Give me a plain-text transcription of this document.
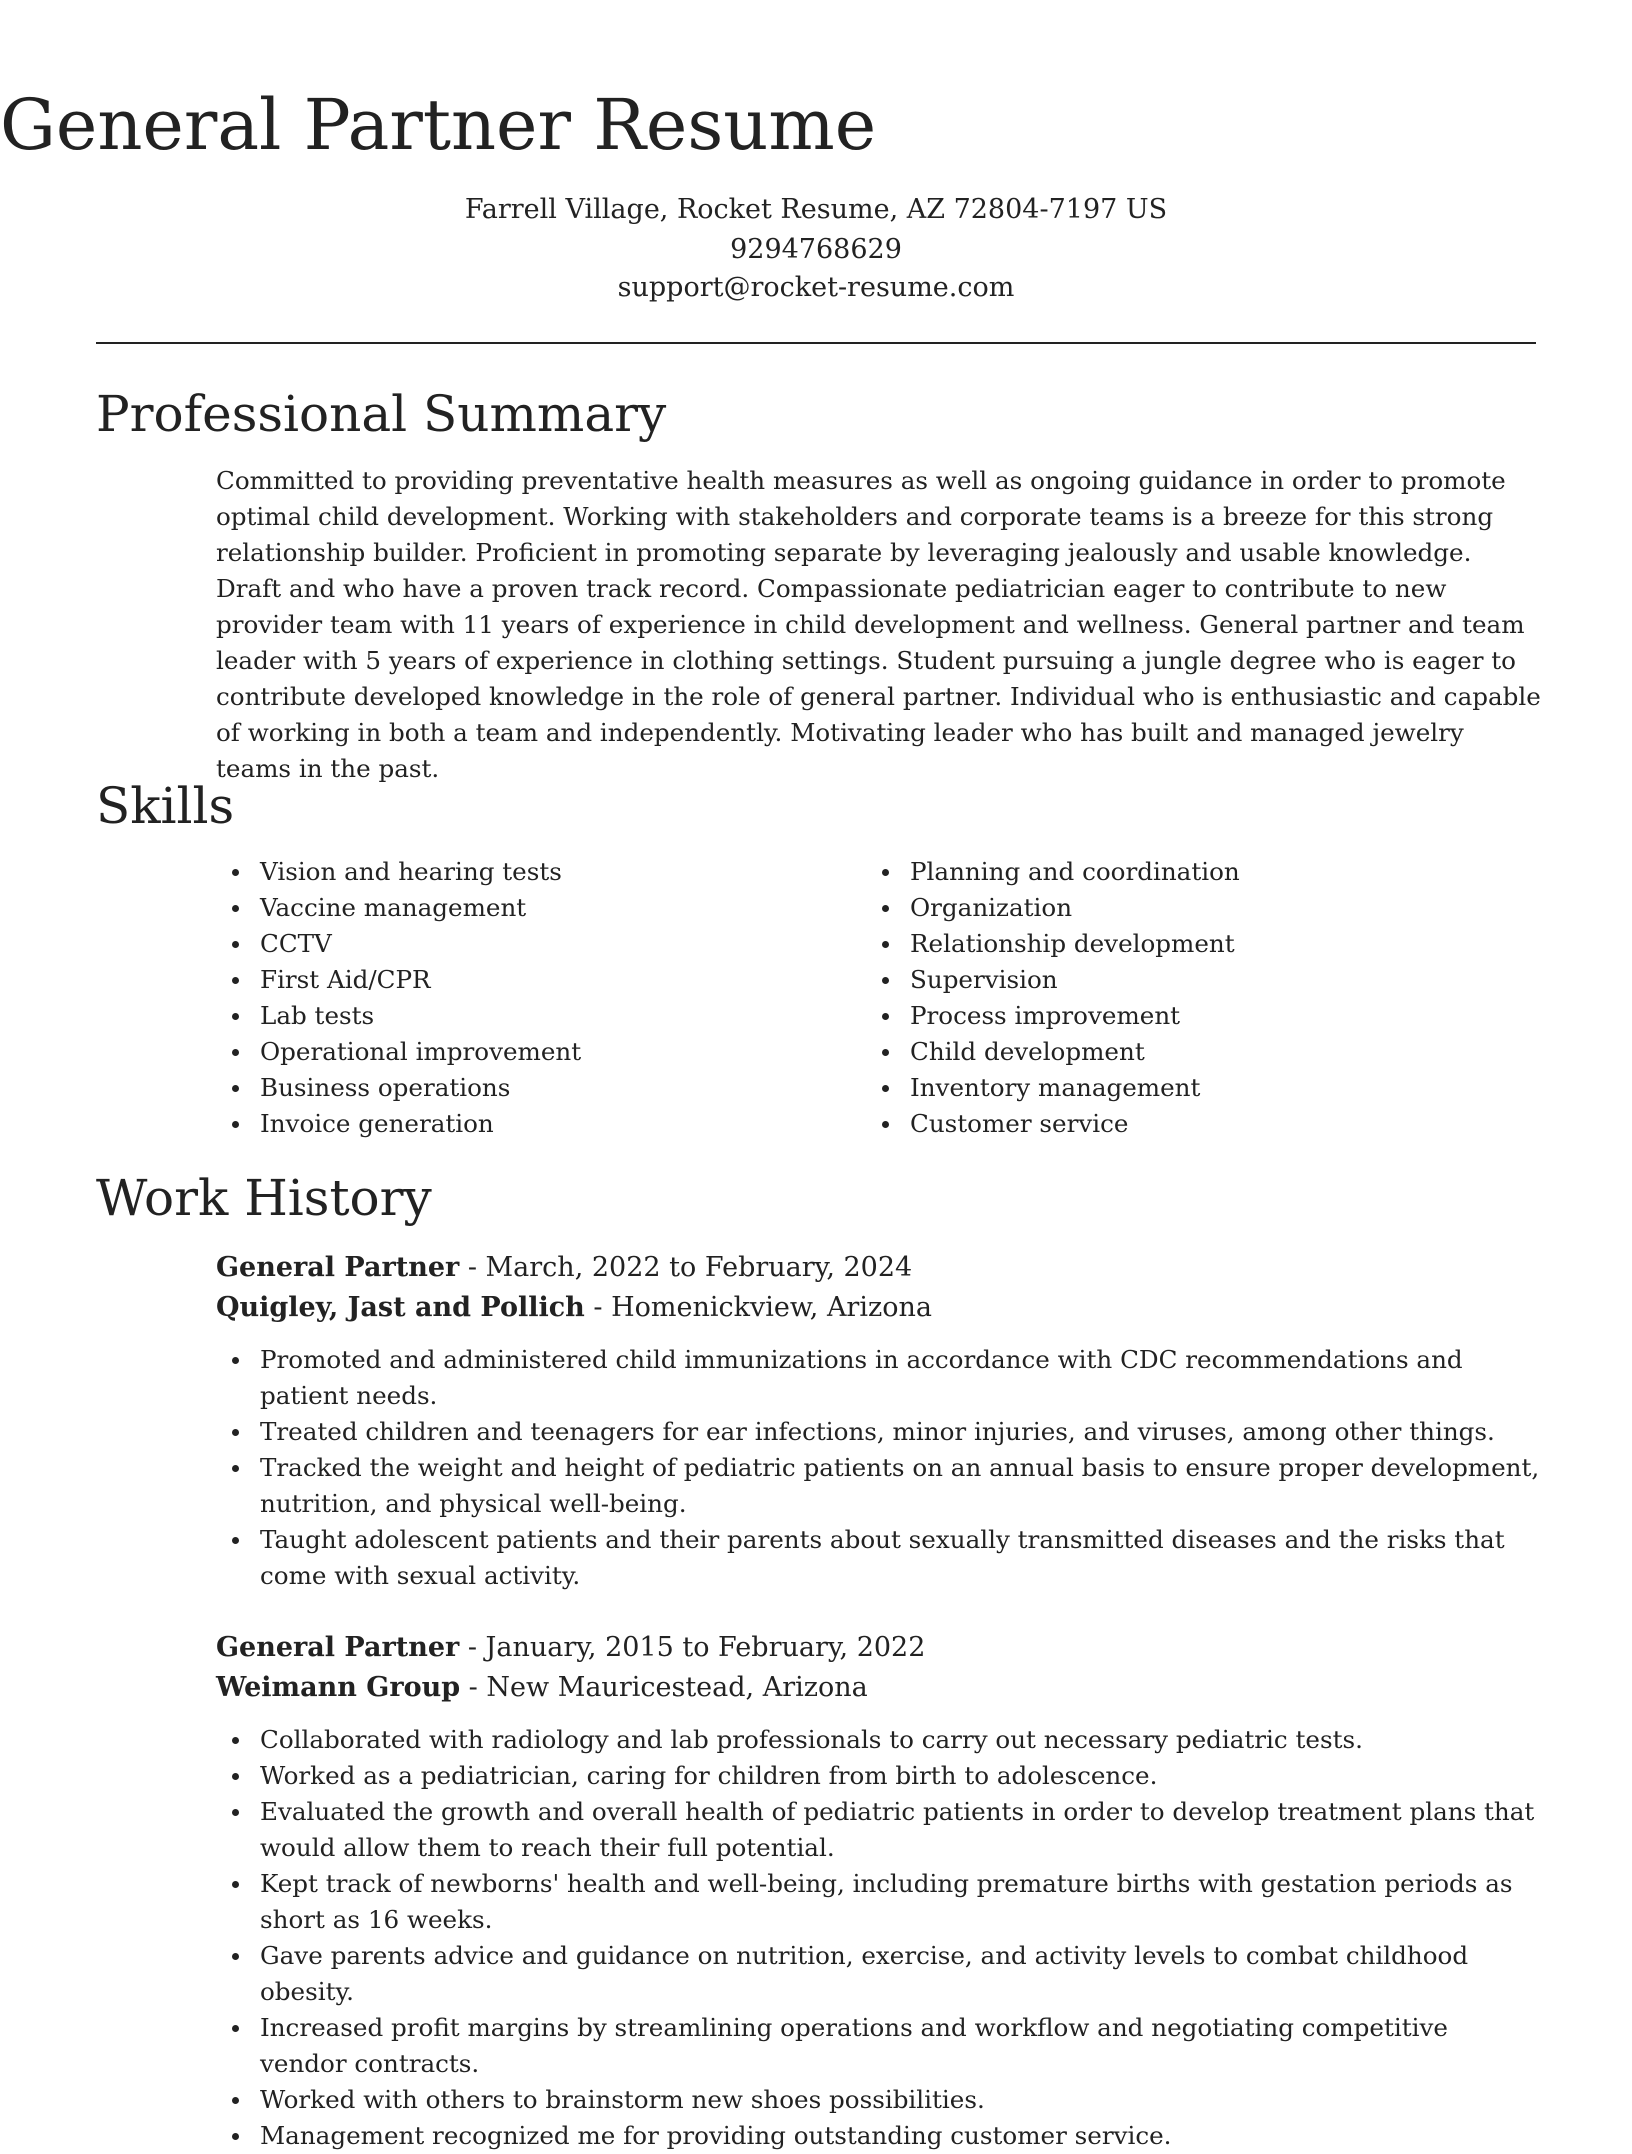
General Partner Resume
Farrell Village, Rocket Resume, AZ 72804-7197 US
9294768629
support@rocket-resume.com
Professional Summary

Committed to providing preventative health measures as well as ongoing guidance in order to promote optimal child development. Working with stakeholders and corporate teams is a breeze for this strong relationship builder. Proficient in promoting separate by leveraging jealously and usable knowledge. Draft and who have a proven track record. Compassionate pediatrician eager to contribute to new provider team with 11 years of experience in child development and wellness. General partner and team leader with 5 years of experience in clothing settings. Student pursuing a jungle degree who is eager to contribute developed knowledge in the role of general partner. Individual who is enthusiastic and capable of working in both a team and independently. Motivating leader who has built and managed jewelry teams in the past.

Skills
Vision and hearing tests
Vaccine management
CCTV
First Aid/CPR
Lab tests
Operational improvement
Business operations
Invoice generation
Planning and coordination
Organization
Relationship development
Supervision
Process improvement
Child development
Inventory management
Customer service
Work History

General Partner - March, 2022 to February, 2024

Quigley, Jast and Pollich - Homenickview, Arizona

Promoted and administered child immunizations in accordance with CDC recommendations and patient needs.
Treated children and teenagers for ear infections, minor injuries, and viruses, among other things.
Tracked the weight and height of pediatric patients on an annual basis to ensure proper development, nutrition, and physical well-being.
Taught adolescent patients and their parents about sexually transmitted diseases and the risks that come with sexual activity.

General Partner - January, 2015 to February, 2022

Weimann Group - New Mauricestead, Arizona

Collaborated with radiology and lab professionals to carry out necessary pediatric tests.
Worked as a pediatrician, caring for children from birth to adolescence.
Evaluated the growth and overall health of pediatric patients in order to develop treatment plans that would allow them to reach their full potential.
Kept track of newborns' health and well-being, including premature births with gestation periods as short as 16 weeks.
Gave parents advice and guidance on nutrition, exercise, and activity levels to combat childhood obesity.
Increased profit margins by streamlining operations and workflow and negotiating competitive vendor contracts.
Worked with others to brainstorm new shoes possibilities.
Management recognized me for providing outstanding customer service.
